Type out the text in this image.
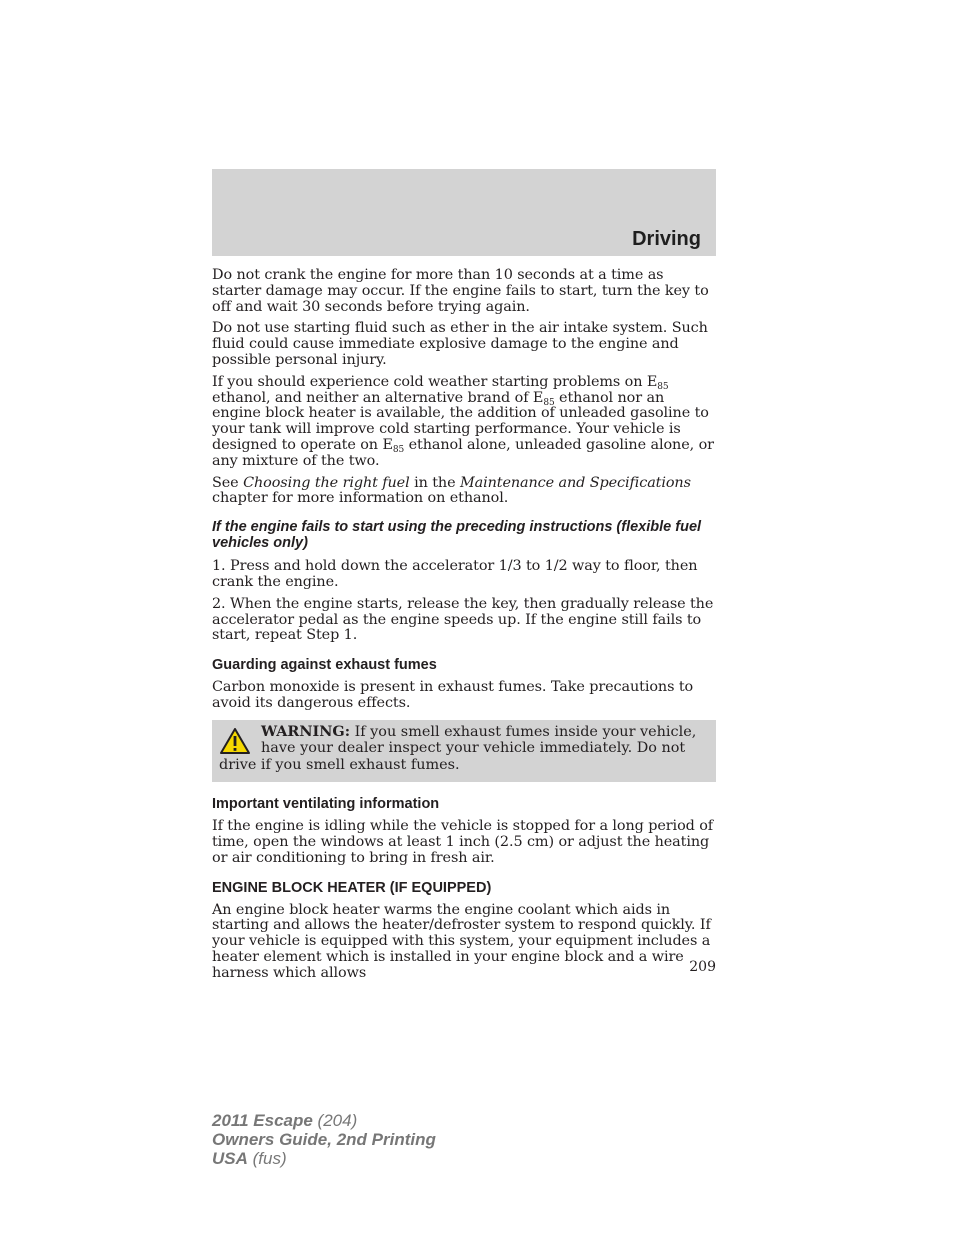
Driving

Do not crank the engine for more than 10 seconds at a time as starter damage may occur. If the engine fails to start, turn the key to off and wait 30 seconds before trying again.

Do not use starting fluid such as ether in the air intake system. Such fluid could cause immediate explosive damage to the engine and possible personal injury.

If you should experience cold weather starting problems on $E_{85}$ ethanol, and neither an alternative brand of $E_{85}$ ethanol nor an engine block heater is available, the addition of unleaded gasoline to your tank will improve cold starting performance. Your vehicle is designed to operate on $E_{85}$ ethanol alone, unleaded gasoline alone, or any mixture of the two.

See Choosing the right fuel in the Maintenance and Specifications chapter for more information on ethanol.

If the engine fails to start using the preceding instructions (flexible fuel vehicles only)

1. Press and hold down the accelerator 1/3 to 1/2 way to floor, then crank the engine.

2. When the engine starts, release the key, then gradually release the accelerator pedal as the engine speeds up. If the engine still fails to start, repeat Step 1.

Guarding against exhaust fumes

Carbon monoxide is present in exhaust fumes. Take precautions to avoid its dangerous effects.

WARNING: If you smell exhaust fumes inside your vehicle, have your dealer inspect your vehicle immediately. Do not drive if you smell exhaust fumes.
Important ventilating information

If the engine is idling while the vehicle is stopped for a long period of time, open the windows at least 1 inch (2.5 cm) or adjust the heating or air conditioning to bring in fresh air.

ENGINE BLOCK HEATER (IF EQUIPPED)

An engine block heater warms the engine coolant which aids in starting and allows the heater/defroster system to respond quickly. If your vehicle is equipped with this system, your equipment includes a heater element which is installed in your engine block and a wire harness which allows	209
2011 Escape (204)
Owners Guide, 2nd Printing
USA (fus)
